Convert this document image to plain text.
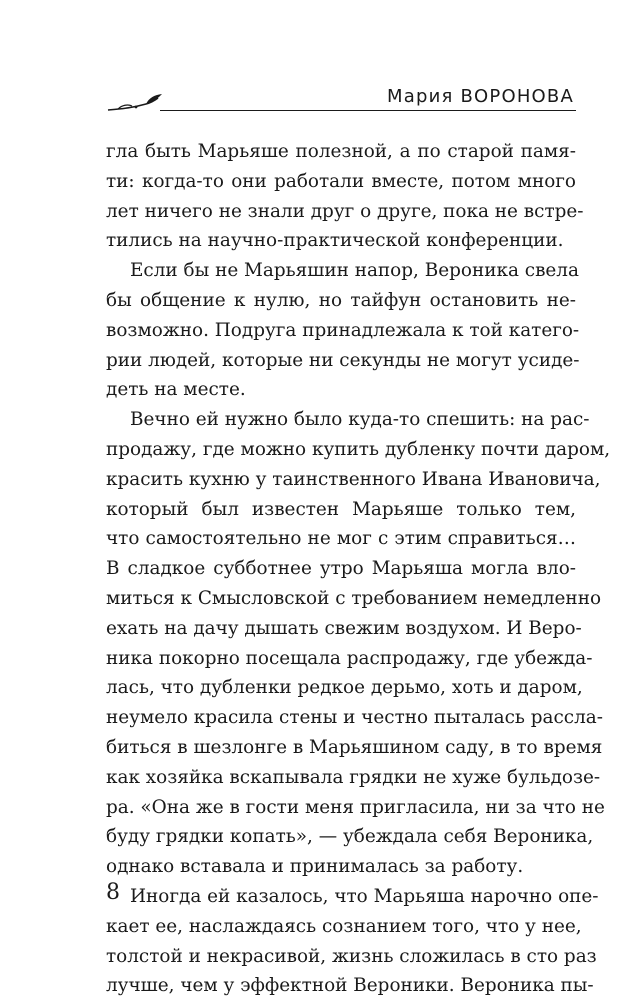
Мария ВОРОНОВА
гла быть Марьяше полезной, а по старой памя-
ти: когда-то они работали вместе, потом много
лет ничего не знали друг о друге, пока не встре-
тились на научно-практической конференции.
Если бы не Марьяшин напор, Вероника свела
бы общение к нулю, но тайфун остановить не-
возможно. Подруга принадлежала к той катего-
рии людей, которые ни секунды не могут усиде-
деть на месте.
Вечно ей нужно было куда-то спешить: на рас-
продажу, где можно купить дубленку почти даром,
красить кухню у таинственного Ивана Ивановича,
который был известен Марьяше только тем,
что самостоятельно не мог с этим справиться…
В сладкое субботнее утро Марьяша могла вло-
миться к Смысловской с требованием немедленно
ехать на дачу дышать свежим воздухом. И Веро-
ника покорно посещала распродажу, где убежда-
лась, что дубленки редкое дерьмо, хоть и даром,
неумело красила стены и честно пыталась рассла-
биться в шезлонге в Марьяшином саду, в то время
как хозяйка вскапывала грядки не хуже бульдозе-
ра. «Она же в гости меня пригласила, ни за что не
буду грядки копать», — убеждала себя Вероника,
однако вставала и принималась за работу.
Иногда ей казалось, что Марьяша нарочно опе-
кает ее, наслаждаясь сознанием того, что у нее,
толстой и некрасивой, жизнь сложилась в сто раз
лучше, чем у эффектной Вероники. Вероника пы-
8
